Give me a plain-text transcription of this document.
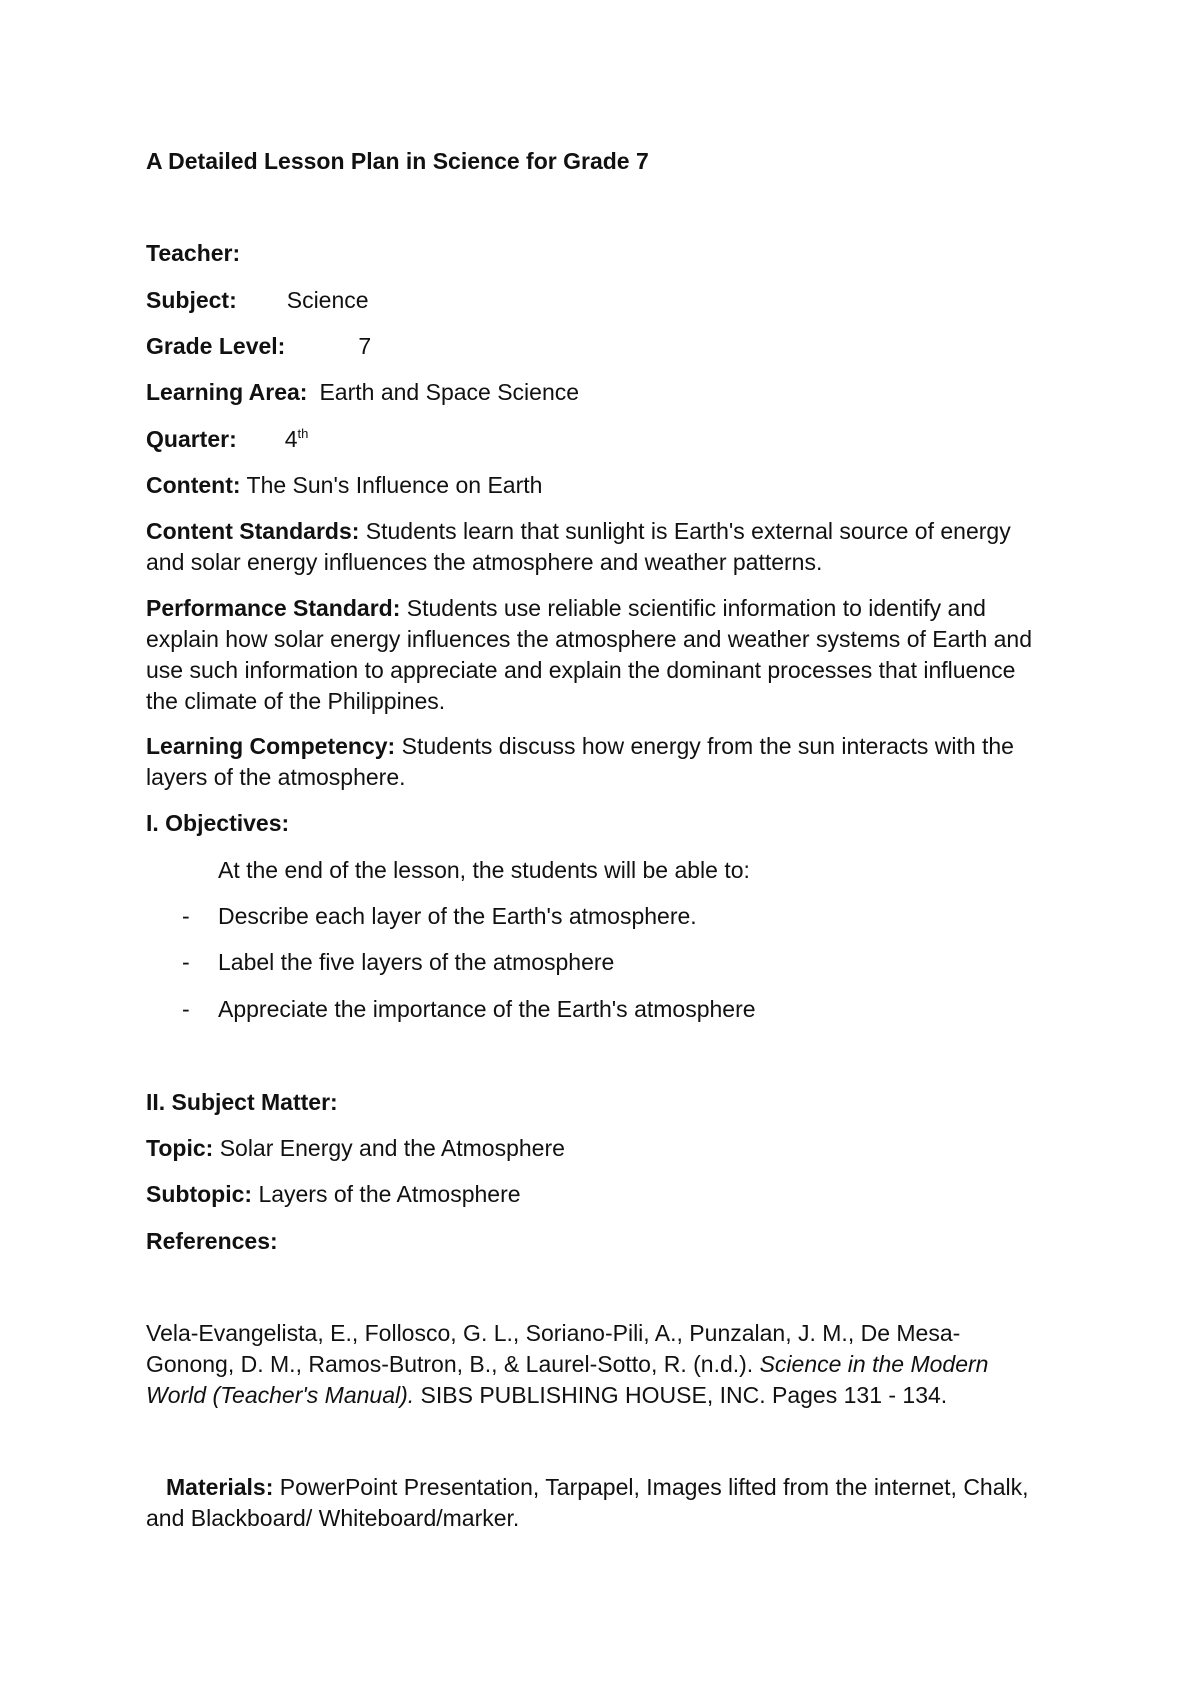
A Detailed Lesson Plan in Science for Grade 7
Teacher:
Subject: Science
Grade Level:	7
Learning Area: Earth and Space Science
Quarter: 4th
Content: The Sun's Influence on Earth
Content Standards: Students learn that sunlight is Earth's external source of energy and solar energy influences the atmosphere and weather patterns.
Performance Standard: Students use reliable scientific information to identify and explain how solar energy influences the atmosphere and weather systems of Earth and use such information to appreciate and explain the dominant processes that influence the climate of the Philippines.
Learning Competency: Students discuss how energy from the sun interacts with the layers of the atmosphere.
I. Objectives:
At the end of the lesson, the students will be able to:
- Describe each layer of the Earth's atmosphere.
- Label the five layers of the atmosphere
- Appreciate the importance of the Earth's atmosphere
II. Subject Matter:
Topic: Solar Energy and the Atmosphere
Subtopic: Layers of the Atmosphere
References:
Vela-Evangelista, E., Follosco, G. L., Soriano-Pili, A., Punzalan, J. M., De Mesa-Gonong, D. M., Ramos-Butron, B., & Laurel-Sotto, R. (n.d.). Science in the Modern World (Teacher's Manual). SIBS PUBLISHING HOUSE, INC. Pages 131 - 134.
Materials: PowerPoint Presentation, Tarpapel, Images lifted from the internet, Chalk, and Blackboard/ Whiteboard/marker.
